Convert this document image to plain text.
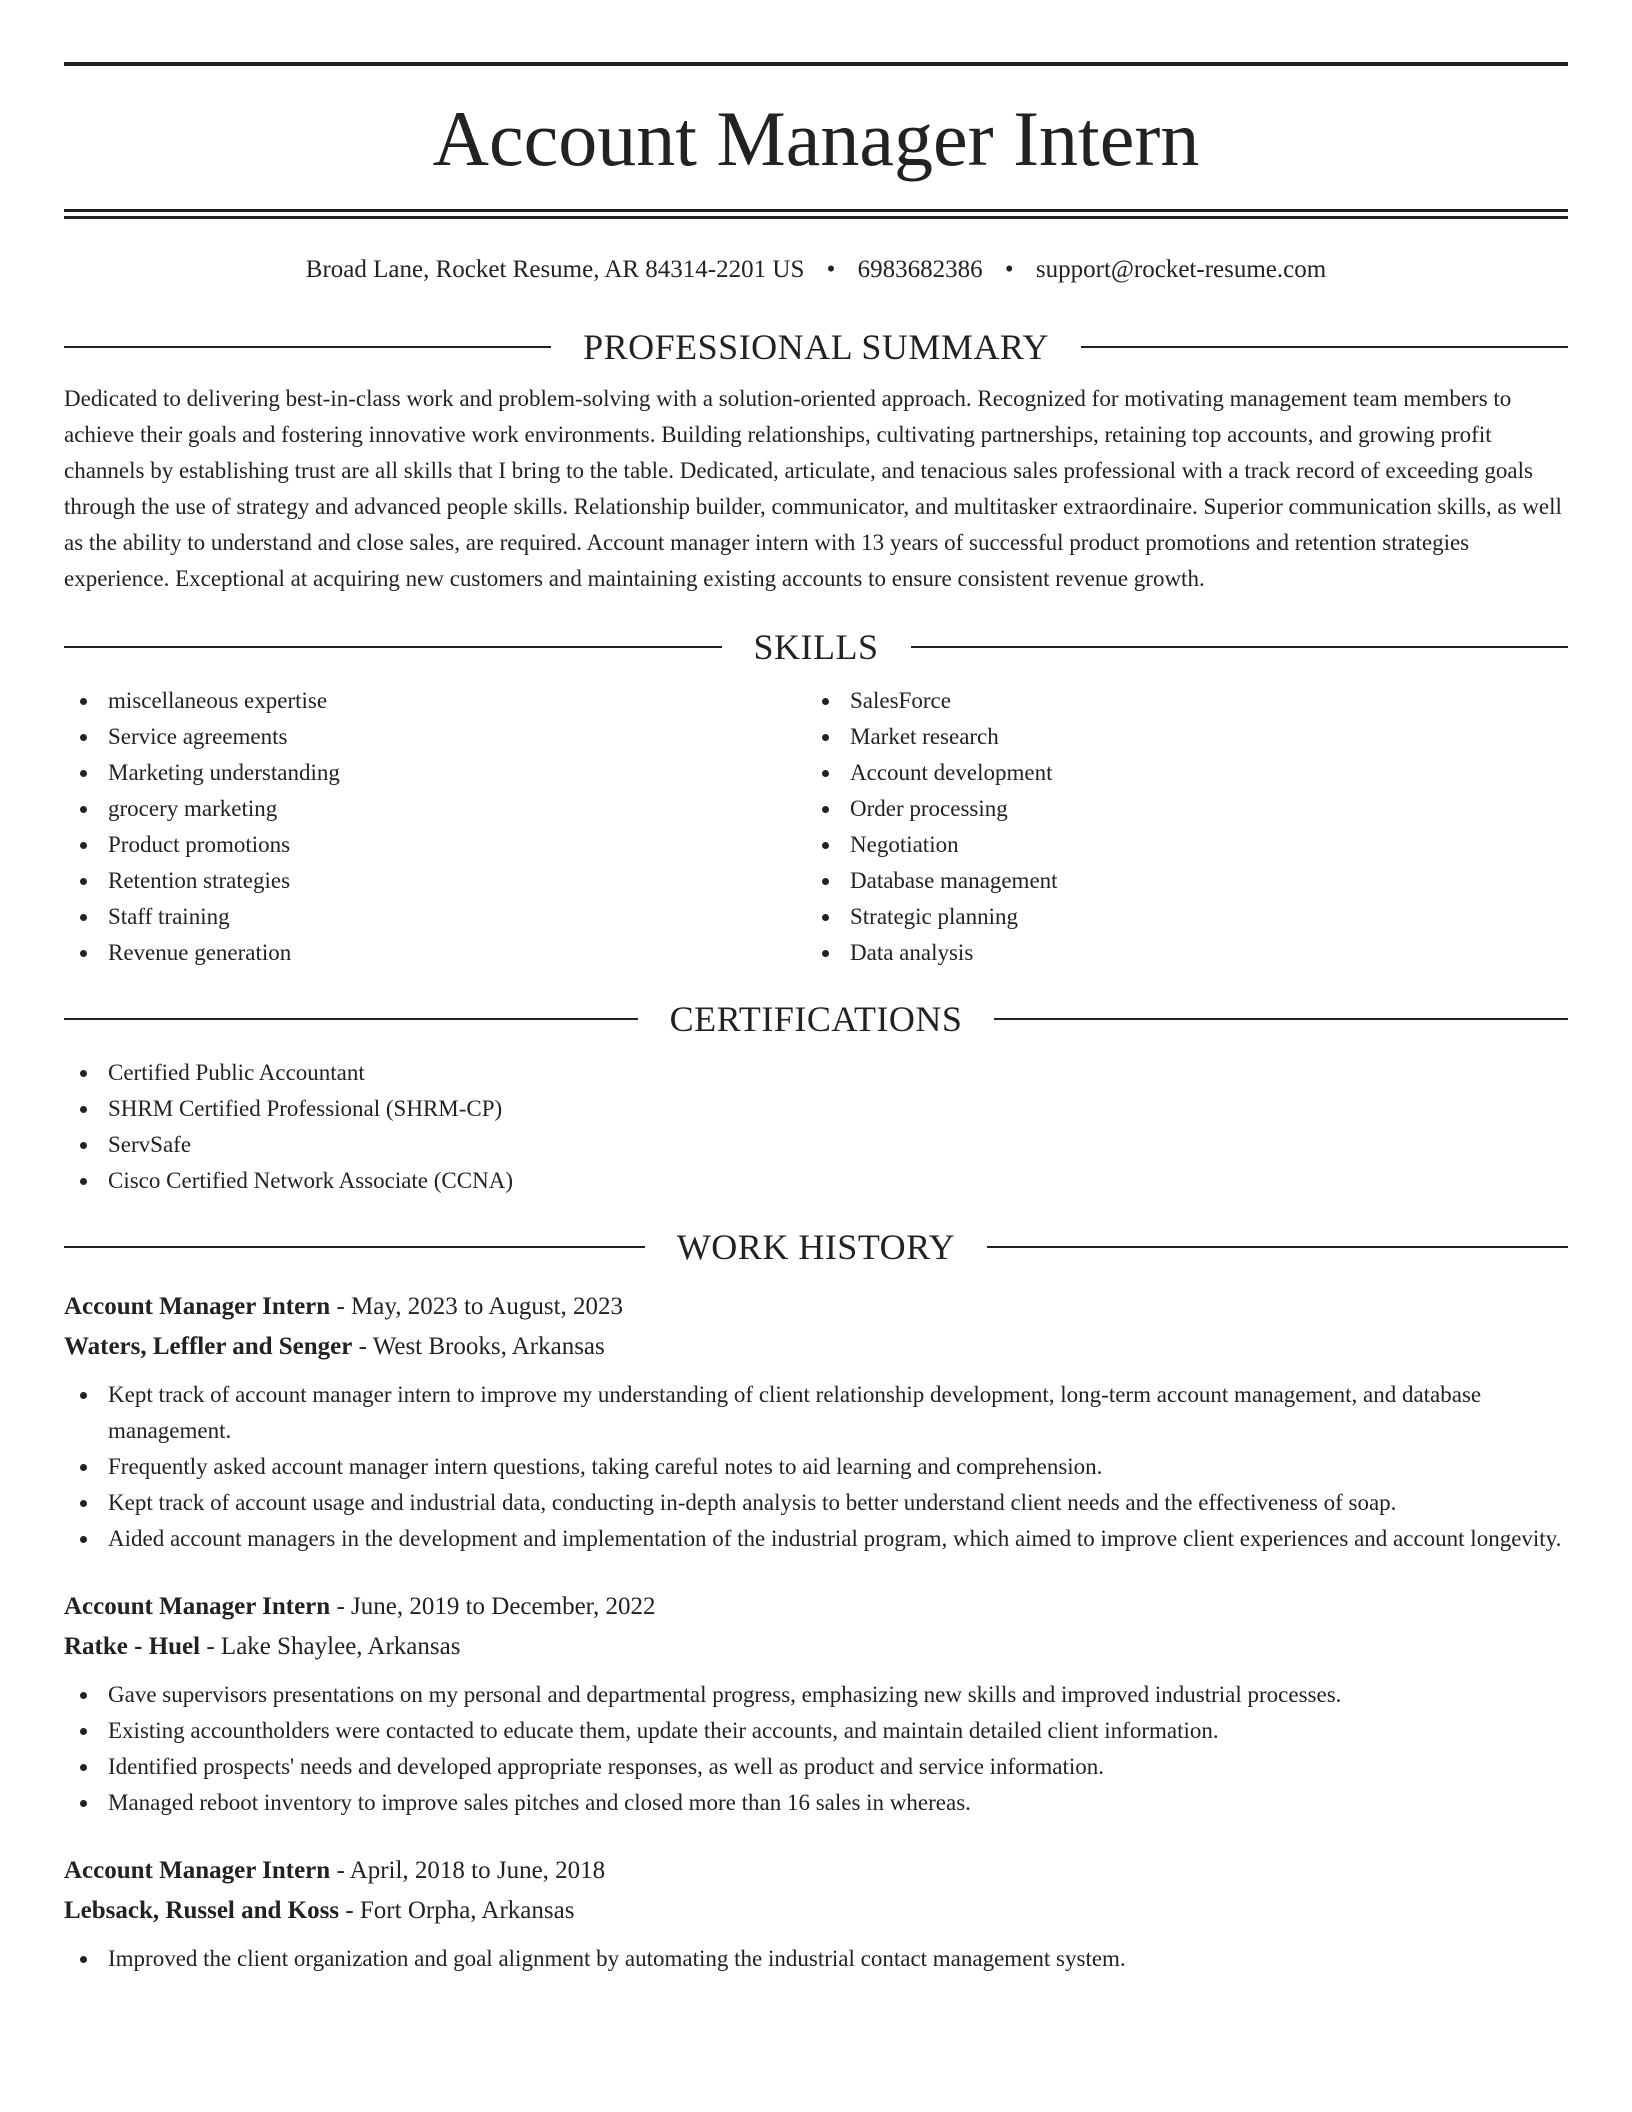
Account Manager Intern
Broad Lane, Rocket Resume, AR 84314-2201 US • 6983682386 • support@rocket-resume.com
PROFESSIONAL SUMMARY
Dedicated to delivering best-in-class work and problem-solving with a solution-oriented approach. Recognized for motivating management team members to achieve their goals and fostering innovative work environments. Building relationships, cultivating partnerships, retaining top accounts, and growing profit channels by establishing trust are all skills that I bring to the table. Dedicated, articulate, and tenacious sales professional with a track record of exceeding goals through the use of strategy and advanced people skills. Relationship builder, communicator, and multitasker extraordinaire. Superior communication skills, as well as the ability to understand and close sales, are required. Account manager intern with 13 years of successful product promotions and retention strategies experience. Exceptional at acquiring new customers and maintaining existing accounts to ensure consistent revenue growth.
SKILLS
miscellaneous expertise
Service agreements
Marketing understanding
grocery marketing
Product promotions
Retention strategies
Staff training
Revenue generation
SalesForce
Market research
Account development
Order processing
Negotiation
Database management
Strategic planning
Data analysis
CERTIFICATIONS
Certified Public Accountant
SHRM Certified Professional (SHRM-CP)
ServSafe
Cisco Certified Network Associate (CCNA)
WORK HISTORY
Account Manager Intern - May, 2023 to August, 2023
Waters, Leffler and Senger - West Brooks, Arkansas
Kept track of account manager intern to improve my understanding of client relationship development, long-term account management, and database management.
Frequently asked account manager intern questions, taking careful notes to aid learning and comprehension.
Kept track of account usage and industrial data, conducting in-depth analysis to better understand client needs and the effectiveness of soap.
Aided account managers in the development and implementation of the industrial program, which aimed to improve client experiences and account longevity.
Account Manager Intern - June, 2019 to December, 2022
Ratke - Huel - Lake Shaylee, Arkansas
Gave supervisors presentations on my personal and departmental progress, emphasizing new skills and improved industrial processes.
Existing accountholders were contacted to educate them, update their accounts, and maintain detailed client information.
Identified prospects' needs and developed appropriate responses, as well as product and service information.
Managed reboot inventory to improve sales pitches and closed more than 16 sales in whereas.
Account Manager Intern - April, 2018 to June, 2018
Lebsack, Russel and Koss - Fort Orpha, Arkansas
Improved the client organization and goal alignment by automating the industrial contact management system.
